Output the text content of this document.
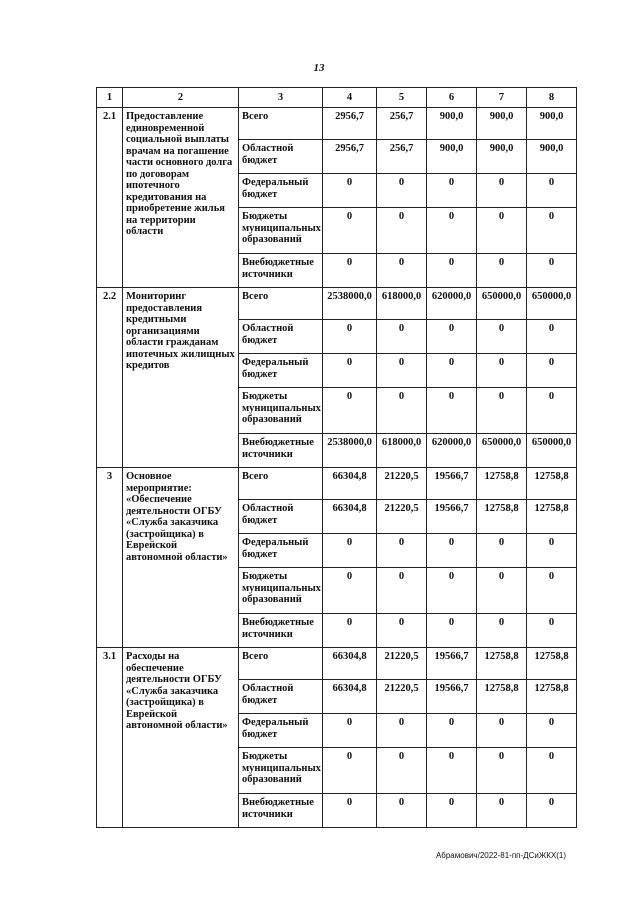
13
1	2	3	4	5	6	7	8
2.1	Предоставление единовременной социальной выплаты врачам на погашение части основного долга по договорам ипотечного кредитования на приобретение жилья на территории области	Всего	2956,7	256,7	900,0	900,0	900,0
		Областной бюджет	2956,7	256,7	900,0	900,0	900,0
		Федеральный бюджет	0	0	0	0	0
		Бюджеты муниципальных образований	0	0	0	0	0
		Внебюджетные источники	0	0	0	0	0
2.2	Мониторинг предоставления кредитными организациями области гражданам ипотечных жилищных кредитов	Всего	2538000,0	618000,0	620000,0	650000,0	650000,0
		Областной бюджет	0	0	0	0	0
		Федеральный бюджет	0	0	0	0	0
		Бюджеты муниципальных образований	0	0	0	0	0
		Внебюджетные источники	2538000,0	618000,0	620000,0	650000,0	650000,0
3	Основное мероприятие: «Обеспечение деятельности ОГБУ «Служба заказчика (застройщика) в Еврейской автономной области»	Всего	66304,8	21220,5	19566,7	12758,8	12758,8
		Областной бюджет	66304,8	21220,5	19566,7	12758,8	12758,8
		Федеральный бюджет	0	0	0	0	0
		Бюджеты муниципальных образований	0	0	0	0	0
		Внебюджетные источники	0	0	0	0	0
3.1	Расходы на обеспечение деятельности ОГБУ «Служба заказчика (застройщика) в Еврейской автономной области»	Всего	66304,8	21220,5	19566,7	12758,8	12758,8
		Областной бюджет	66304,8	21220,5	19566,7	12758,8	12758,8
		Федеральный бюджет	0	0	0	0	0
		Бюджеты муниципальных образований	0	0	0	0	0
		Внебюджетные источники	0	0	0	0	0
Абрамович/2022-81-пп-ДСиЖКХ(1)
